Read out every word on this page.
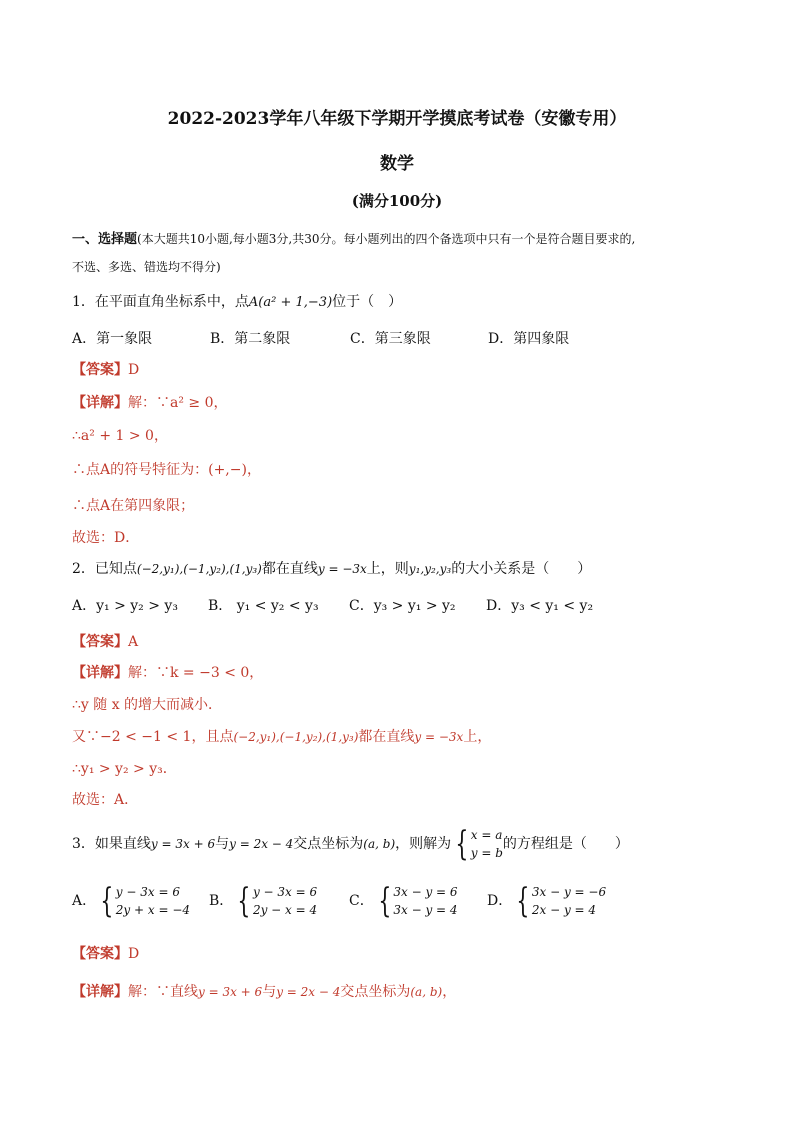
2022-2023学年八年级下学期开学摸底考试卷（安徽专用）
数学
(满分100分)
一、选择题(本大题共10小题,每小题3分,共30分。每小题列出的四个备选项中只有一个是符合题目要求的,
不选、多选、错选均不得分)
1．在平面直角坐标系中，点A(a² + 1,−3)位于（　）
A．第一象限	B．第二象限	C．第三象限	D．第四象限
【答案】D
【详解】解：∵a² ≥ 0，
∴a² + 1 > 0，
∴点A的符号特征为：(+,−)，
∴点A在第四象限；
故选：D．
2．已知点(−2,y₁),(−1,y₂),(1,y₃)都在直线y = −3x上，则y₁,y₂,y₃的大小关系是（　　）
A．y₁ > y₂ > y₃ B． y₁ < y₂ < y₃ C．y₃ > y₁ > y₂ D．y₃ < y₁ < y₂
【答案】A
【详解】解：∵k = −3 < 0，
∴y 随 x 的增大而减小．
又∵−2 < −1 < 1，且点(−2,y₁),(−1,y₂),(1,y₃)都在直线y = −3x上，
∴y₁ > y₂ > y₃．
故选：A．
3．如果直线y = 3x + 6与y = 2x − 4交点坐标为(a, b)，则解为 { x = a
y = b
的方程组是（　　）
A． { y − 3x = 6
2y + x = −4
B． { y − 3x = 6
2y − x = 4
C． { 3x − y = 6
3x − y = 4
D． { 3x − y = −6
2x − y = 4
【答案】D
【详解】解：∵直线y = 3x + 6与y = 2x − 4交点坐标为(a, b)，
